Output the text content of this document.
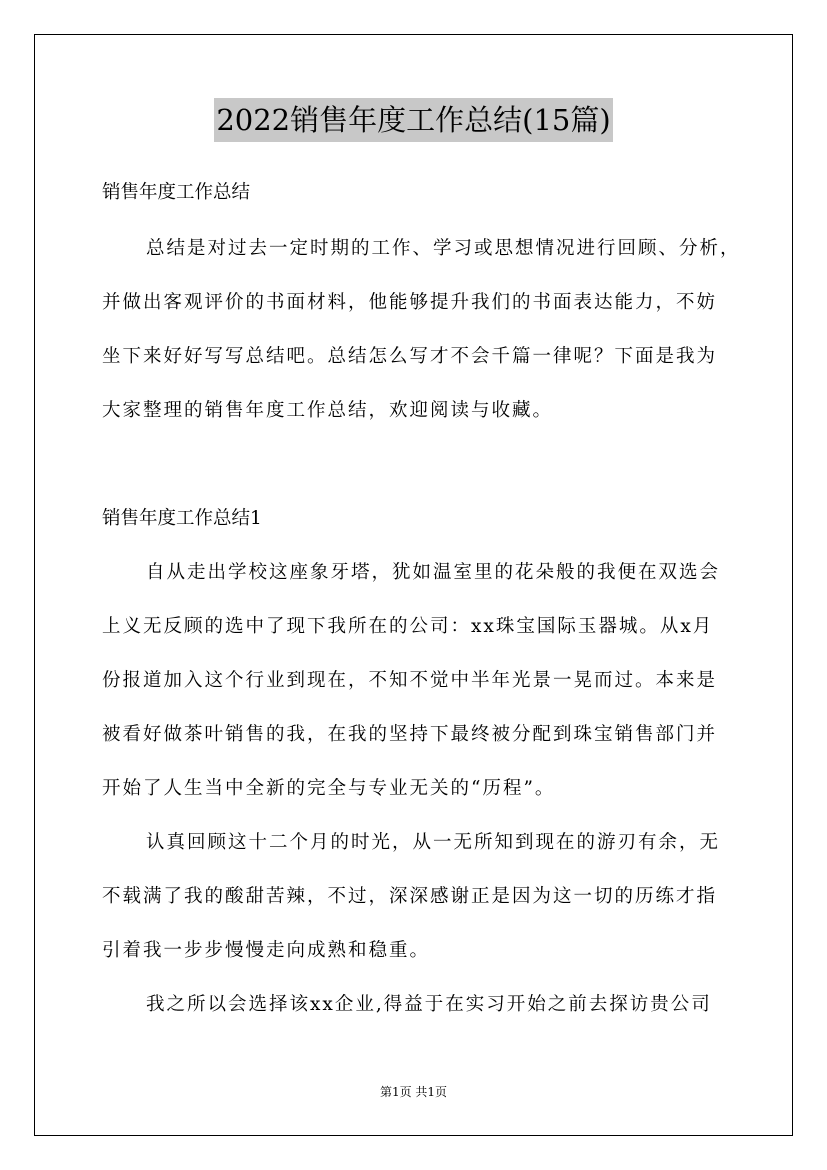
2022销售年度工作总结(15篇)
销售年度工作总结
总结是对过去一定时期的工作、学习或思想情况进行回顾、分析，
并做出客观评价的书面材料，他能够提升我们的书面表达能力，不妨
坐下来好好写写总结吧。总结怎么写才不会千篇一律呢？下面是我为
大家整理的销售年度工作总结，欢迎阅读与收藏。
销售年度工作总结1
自从走出学校这座象牙塔，犹如温室里的花朵般的我便在双选会
上义无反顾的选中了现下我所在的公司：xx珠宝国际玉器城。从x月
份报道加入这个行业到现在，不知不觉中半年光景一晃而过。本来是
被看好做茶叶销售的我，在我的坚持下最终被分配到珠宝销售部门并
开始了人生当中全新的完全与专业无关的“历程”。
认真回顾这十二个月的时光，从一无所知到现在的游刃有余，无
不载满了我的酸甜苦辣，不过，深深感谢正是因为这一切的历练才指
引着我一步步慢慢走向成熟和稳重。
我之所以会选择该xx企业,得益于在实习开始之前去探访贵公司
第1页 共1页
